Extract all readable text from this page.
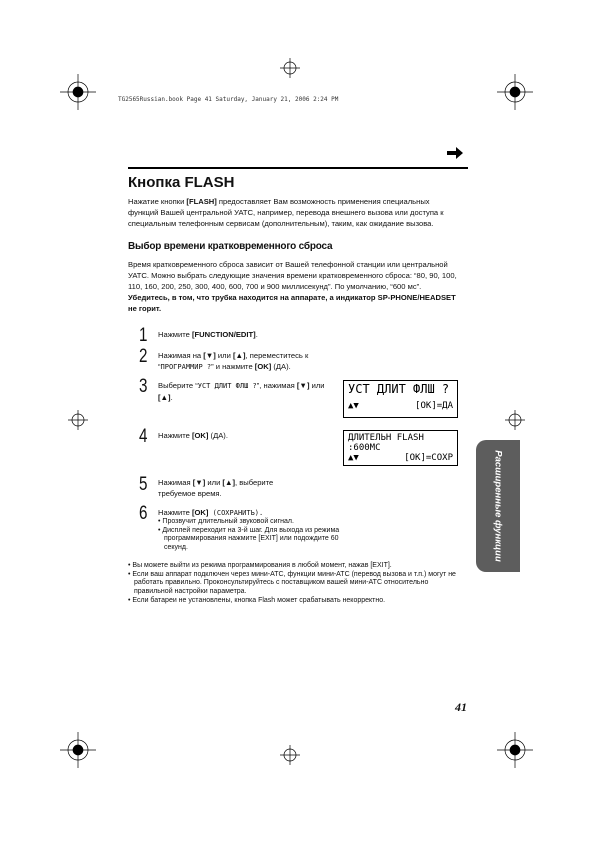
TG2565Russian.book Page 41 Saturday, January 21, 2006 2:24 PM
Кнопка FLASH
Нажатие кнопки [FLASH] предоставляет Вам возможность применения специальных функций Вашей центральной УАТС, например, перевода внешнего вызова или доступа к специальным телефонным сервисам (дополнительным), таким, как ожидание вызова.
Выбор времени кратковременного сброса
Время кратковременного сброса зависит от Вашей телефонной станции или центральной УАТС. Можно выбрать следующие значения времени кратковременного сброса: “80, 90, 100, 110, 160, 200, 250, 300, 400, 600, 700 и 900 миллисекунд”. По умолчанию, “600 мс”.
Убедитесь, в том, что трубка находится на аппарате, а индикатор SP-PHONE/HEADSET не горит.
1 Нажмите [FUNCTION/EDIT].
2 Нажимая на [▼] или [▲], переместитесь к “ПРОГРАММИР ?” и нажмите [OK] (ДА).
3 Выберите “УСТ ДЛИТ ФЛШ ?”, нажимая [▼] или [▲].
УСТ ДЛИТ ФЛШ ?
▲▼	[OK]=ДА
4 Нажмите [OK] (ДА).	ДЛИТЕЛЬН FLASH
:600МС
▲▼	[OK]=СОХР
5 Нажимая [▼] или [▲], выберите требуемое время.
6 Нажмите [OK] (СОХРАНИТЬ).
• Прозвучит длительный звуковой сигнал.
• Дисплей переходит на 3-й шаг. Для выхода из режима программирования нажмите [EXIT] или подождите 60 секунд.
• Вы можете выйти из режима программирования в любой момент, нажав [EXIT].
• Если ваш аппарат подключен через мини-АТС, функции мини-АТС (перевод вызова и т.п.) могут не работать правильно. Проконсультируйтесь с поставщиком вашей мини-АТС относительно правильной настройки параметра.
• Если батареи не установлены, кнопка Flash может срабатывать некорректно.
Расширенные функции
41
